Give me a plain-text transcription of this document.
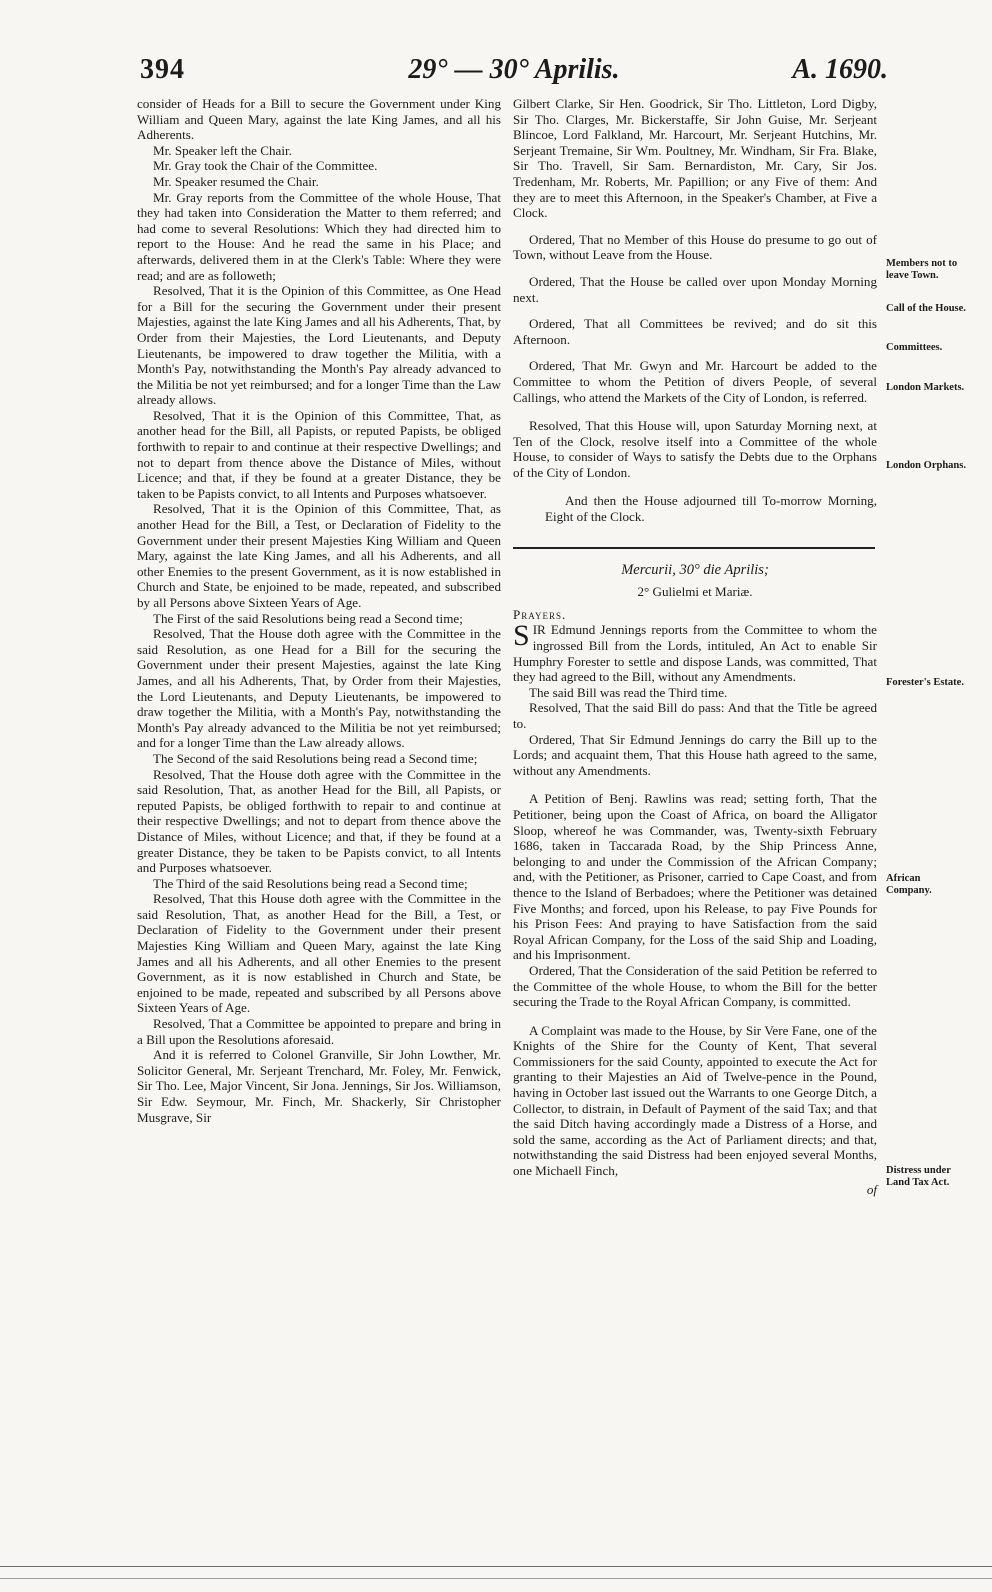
394	29° — 30° Aprilis.	A. 1690.

consider of Heads for a Bill to secure the Government under King William and Queen Mary, against the late King James, and all his Adherents.

Mr. Speaker left the Chair.

Mr. Gray took the Chair of the Committee.

Mr. Speaker resumed the Chair.

Mr. Gray reports from the Committee of the whole House, That they had taken into Consideration the Matter to them referred; and had come to several Resolutions: Which they had directed him to report to the House: And he read the same in his Place; and afterwards, delivered them in at the Clerk's Table: Where they were read; and are as followeth;

Resolved, That it is the Opinion of this Committee, as One Head for a Bill for the securing the Government under their present Majesties, against the late King James and all his Adherents, That, by Order from their Majesties, the Lord Lieutenants, and Deputy Lieutenants, be impowered to draw together the Militia, with a Month's Pay, notwithstanding the Month's Pay already advanced to the Militia be not yet reimbursed; and for a longer Time than the Law already allows.

Resolved, That it is the Opinion of this Committee, That, as another head for the Bill, all Papists, or reputed Papists, be obliged forthwith to repair to and continue at their respective Dwellings; and not to depart from thence above the Distance of Miles, without Licence; and that, if they be found at a greater Distance, they be taken to be Papists convict, to all Intents and Purposes whatsoever.

Resolved, That it is the Opinion of this Committee, That, as another Head for the Bill, a Test, or Declaration of Fidelity to the Government under their present Majesties King William and Queen Mary, against the late King James, and all his Adherents, and all other Enemies to the present Government, as it is now established in Church and State, be enjoined to be made, repeated, and subscribed by all Persons above Sixteen Years of Age.

The First of the said Resolutions being read a Second time;

Resolved, That the House doth agree with the Committee in the said Resolution, as one Head for a Bill for the securing the Government under their present Majesties, against the late King James, and all his Adherents, That, by Order from their Majesties, the Lord Lieutenants, and Deputy Lieutenants, be impowered to draw together the Militia, with a Month's Pay, notwithstanding the Month's Pay already advanced to the Militia be not yet reimbursed; and for a longer Time than the Law already allows.

The Second of the said Resolutions being read a Second time;

Resolved, That the House doth agree with the Committee in the said Resolution, That, as another Head for the Bill, all Papists, or reputed Papists, be obliged forthwith to repair to and continue at their respective Dwellings; and not to depart from thence above the Distance of Miles, without Licence; and that, if they be found at a greater Distance, they be taken to be Papists convict, to all Intents and Purposes whatsoever.

The Third of the said Resolutions being read a Second time;

Resolved, That this House doth agree with the Committee in the said Resolution, That, as another Head for the Bill, a Test, or Declaration of Fidelity to the Government under their present Majesties King William and Queen Mary, against the late King James and all his Adherents, and all other Enemies to the present Government, as it is now established in Church and State, be enjoined to be made, repeated and subscribed by all Persons above Sixteen Years of Age.

Resolved, That a Committee be appointed to prepare and bring in a Bill upon the Resolutions aforesaid.

And it is referred to Colonel Granville, Sir John Lowther, Mr. Solicitor General, Mr. Serjeant Trenchard, Mr. Foley, Mr. Fenwick, Sir Tho. Lee, Major Vincent, Sir Jona. Jennings, Sir Jos. Williamson, Sir Edw. Seymour, Mr. Finch, Mr. Shackerly, Sir Christopher Musgrave, Sir

Gilbert Clarke, Sir Hen. Goodrick, Sir Tho. Littleton, Lord Digby, Sir Tho. Clarges, Mr. Bickerstaffe, Sir John Guise, Mr. Serjeant Blincoe, Lord Falkland, Mr. Harcourt, Mr. Serjeant Hutchins, Mr. Serjeant Tremaine, Sir Wm. Poultney, Mr. Windham, Sir Fra. Blake, Sir Tho. Travell, Sir Sam. Bernardiston, Mr. Cary, Sir Jos. Tredenham, Mr. Roberts, Mr. Papillion; or any Five of them: And they are to meet this Afternoon, in the Speaker's Chamber, at Five a Clock.

Ordered, That no Member of this House do presume to go out of Town, without Leave from the House.

Ordered, That the House be called over upon Monday Morning next.

Ordered, That all Committees be revived; and do sit this Afternoon.

Ordered, That Mr. Gwyn and Mr. Harcourt be added to the Committee to whom the Petition of divers People, of several Callings, who attend the Markets of the City of London, is referred.

Resolved, That this House will, upon Saturday Morning next, at Ten of the Clock, resolve itself into a Committee of the whole House, to consider of Ways to satisfy the Debts due to the Orphans of the City of London.

And then the House adjourned till To-morrow Morning, Eight of the Clock.

Mercurii, 30° die Aprilis;

2° Gulielmi et Mariæ.

Prayers.

S IR Edmund Jennings reports from the Committee to whom the ingrossed Bill from the Lords, intituled, An Act to enable Sir Humphry Forester to settle and dispose Lands, was committed, That they had agreed to the Bill, without any Amendments.

The said Bill was read the Third time.

Resolved, That the said Bill do pass: And that the Title be agreed to.

Ordered, That Sir Edmund Jennings do carry the Bill up to the Lords; and acquaint them, That this House hath agreed to the same, without any Amendments.

A Petition of Benj. Rawlins was read; setting forth, That the Petitioner, being upon the Coast of Africa, on board the Alligator Sloop, whereof he was Commander, was, Twenty-sixth February 1686, taken in Taccarada Road, by the Ship Princess Anne, belonging to and under the Commission of the African Company; and, with the Petitioner, as Prisoner, carried to Cape Coast, and from thence to the Island of Berbadoes; where the Petitioner was detained Five Months; and forced, upon his Release, to pay Five Pounds for his Prison Fees: And praying to have Satisfaction from the said Royal African Company, for the Loss of the said Ship and Loading, and his Imprisonment.

Ordered, That the Consideration of the said Petition be referred to the Committee of the whole House, to whom the Bill for the better securing the Trade to the Royal African Company, is committed.

A Complaint was made to the House, by Sir Vere Fane, one of the Knights of the Shire for the County of Kent, That several Commissioners for the said County, appointed to execute the Act for granting to their Majesties an Aid of Twelve-pence in the Pound, having in October last issued out the Warrants to one George Ditch, a Collector, to distrain, in Default of Payment of the said Tax; and that the said Ditch having accordingly made a Distress of a Horse, and sold the same, according as the Act of Parliament directs; and that, notwithstanding the said Distress had been enjoyed several Months, one Michaell Finch,

of

Members not to leave Town.
Call of the House.
Committees.
London Markets.
London Orphans.
Forester's Estate.
African Company.
Distress under Land Tax Act.
